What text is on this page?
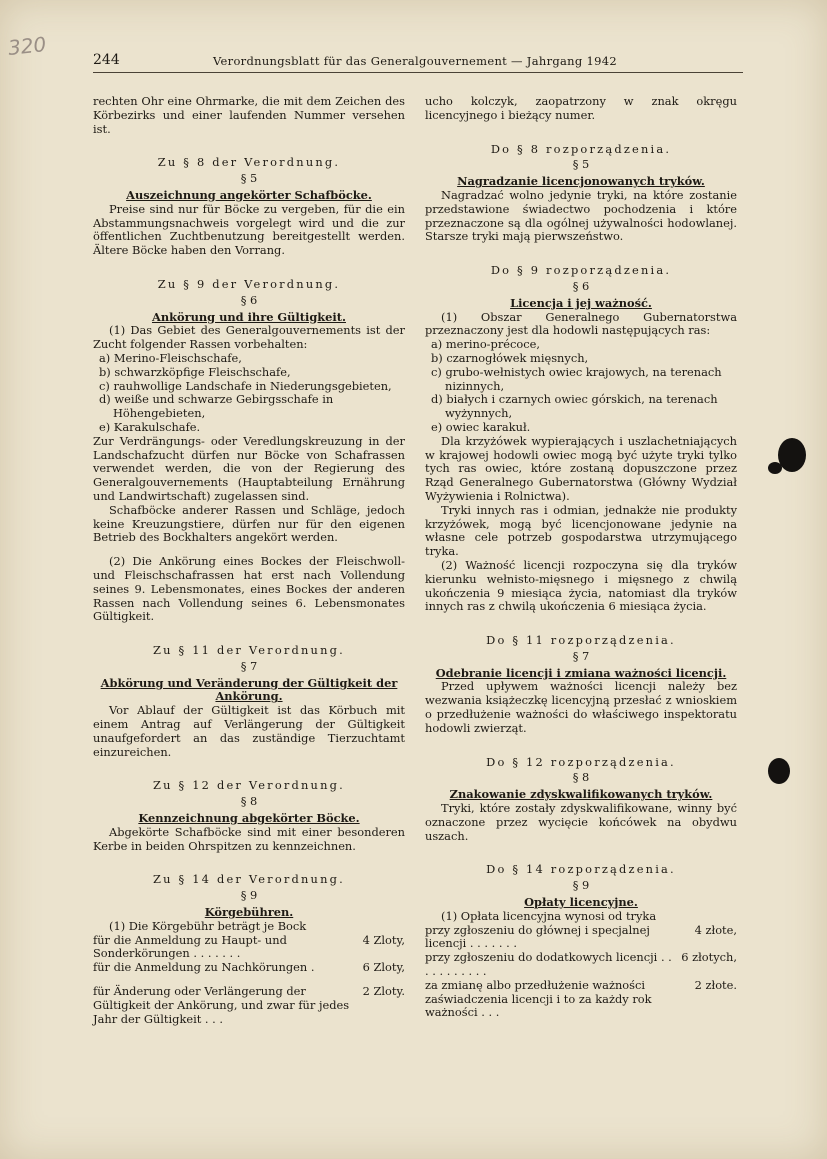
320
244	Verordnungsblatt für das Generalgouvernement — Jahrgang 1942

rechten Ohr eine Ohrmarke, die mit dem Zeichen des Körbezirks und einer laufenden Nummer versehen ist.

Zu § 8 der Verordnung.

§ 5

Auszeichnung angekörter Schafböcke.

Preise sind nur für Böcke zu vergeben, für die ein Abstammungsnachweis vorgelegt wird und die zur öffentlichen Zuchtbenutzung bereitgestellt werden. Ältere Böcke haben den Vorrang.

Zu § 9 der Verordnung.

§ 6

Ankörung und ihre Gültigkeit.

(1) Das Gebiet des Generalgouvernements ist der Zucht folgender Rassen vorbehalten:

a) Merino-Fleischschafe,

b) schwarzköpfige Fleischschafe,

c) rauhwollige Landschafe in Niederungsgebieten,

d) weiße und schwarze Gebirgsschafe in Höhengebieten,

e) Karakulschafe.

Zur Verdrängungs- oder Veredlungskreuzung in der Landschafzucht dürfen nur Böcke von Schafrassen verwendet werden, die von der Regierung des Generalgouvernements (Hauptabteilung Ernährung und Landwirtschaft) zugelassen sind.

Schafböcke anderer Rassen und Schläge, jedoch keine Kreuzungstiere, dürfen nur für den eigenen Betrieb des Bockhalters angekört werden.

(2) Die Ankörung eines Bockes der Fleischwoll- und Fleischschafrassen hat erst nach Vollendung seines 9. Lebensmonates, eines Bockes der anderen Rassen nach Vollendung seines 6. Lebensmonates Gültigkeit.

Zu § 11 der Verordnung.

§ 7

Abkörung und Veränderung der Gültigkeit der Ankörung.

Vor Ablauf der Gültigkeit ist das Körbuch mit einem Antrag auf Verlängerung der Gültigkeit unaufgefordert an das zuständige Tierzuchtamt einzureichen.

Zu § 12 der Verordnung.

§ 8

Kennzeichnung abgekörter Böcke.

Abgekörte Schafböcke sind mit einer besonderen Kerbe in beiden Ohrspitzen zu kennzeichnen.

Zu § 14 der Verordnung.

§ 9

Körgebühren.

(1) Die Körgebühr beträgt je Bock

für die Anmeldung zu Haupt- und Sonderkörungen . . . . . . .
4 Zloty,
für die Anmeldung zu Nachkörungen .	6 Zloty,
für Änderung oder Verlängerung der Gültigkeit der Ankörung, und zwar für jedes Jahr der Gültigkeit . . .
2 Zloty.

ucho kolczyk, zaopatrzony w znak okręgu licencyjnego i bieżący numer.

Do § 8 rozporządzenia.

§ 5

Nagradzanie licencjonowanych tryków.

Nagradzać wolno jedynie tryki, na które zostanie przedstawione świadectwo pochodzenia i które przeznaczone są dla ogólnej używalności hodowlanej. Starsze tryki mają pierwszeństwo.

Do § 9 rozporządzenia.

§ 6

Licencja i jej ważność.

(1) Obszar Generalnego Gubernatorstwa przeznaczony jest dla hodowli następujących ras:

a) merino-précoce,

b) czarnogłówek mięsnych,

c) grubo-wełnistych owiec krajowych, na terenach nizinnych,

d) białych i czarnych owiec górskich, na terenach wyżynnych,

e) owiec karakuł.

Dla krzyżówek wypierających i uszlachetniających w krajowej hodowli owiec mogą być użyte tryki tylko tych ras owiec, które zostaną dopuszczone przez Rząd Generalnego Gubernatorstwa (Główny Wydział Wyżywienia i Rolnictwa).

Tryki innych ras i odmian, jednakże nie produkty krzyżówek, mogą być licencjonowane jedynie na własne cele potrzeb gospodarstwa utrzymującego tryka.

(2) Ważność licencji rozpoczyna się dla tryków kierunku wełnisto-mięsnego i mięsnego z chwilą ukończenia 9 miesiąca życia, natomiast dla tryków innych ras z chwilą ukończenia 6 miesiąca życia.

Do § 11 rozporządzenia.

§ 7

Odebranie licencji i zmiana ważności licencji.

Przed upływem ważności licencji należy bez wezwania książeczkę licencyjną przesłać z wnioskiem o przedłużenie ważności do właściwego inspektoratu hodowli zwierząt.

Do § 12 rozporządzenia.

§ 8

Znakowanie zdyskwalifikowanych tryków.

Tryki, które zostały zdyskwalifikowane, winny być oznaczone przez wycięcie końcówek na obydwu uszach.

Do § 14 rozporządzenia.

§ 9

Opłaty licencyjne.

(1) Opłata licencyjna wynosi od tryka

przy zgłoszeniu do głównej i specjalnej licencji . . . . . . .
4 złote,
przy zgłoszeniu do dodatkowych licencji . . . . . . . . . . .
6 złotych,
za zmianę albo przedłużenie ważności zaświadczenia licencji i to za każdy rok ważności . . .
2 złote.
